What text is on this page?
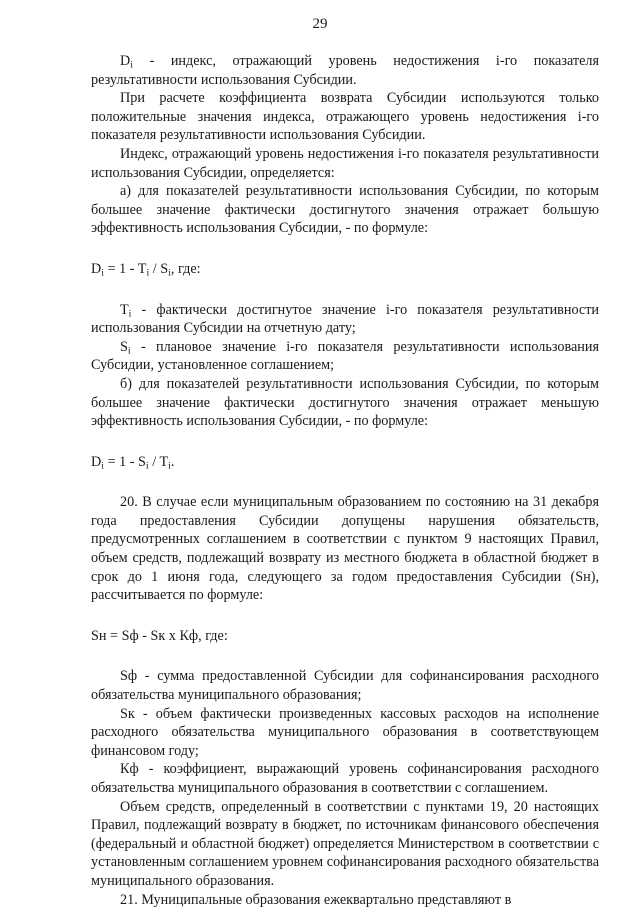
29

$D_i$ - индекс, отражающий уровень недостижения i-го показателя результативности использования Субсидии.

При расчете коэффициента возврата Субсидии используются только положительные значения индекса, отражающего уровень недостижения i-го показателя результативности использования Субсидии.

Индекс, отражающий уровень недостижения i-го показателя результативности использования Субсидии, определяется:

а) для показателей результативности использования Субсидии, по которым большее значение фактически достигнутого значения отражает большую эффективность использования Субсидии, - по формуле:

$D_i = 1 - T_i / S_i$, где:

$T_i$ - фактически достигнутое значение i-го показателя результативности использования Субсидии на отчетную дату;

$S_i$ - плановое значение i-го показателя результативности использования Субсидии, установленное соглашением;

б) для показателей результативности использования Субсидии, по которым большее значение фактически достигнутого значения отражает меньшую эффективность использования Субсидии, - по формуле:

$D_i = 1 - S_i / T_i$.

20. В случае если муниципальным образованием по состоянию на 31 декабря года предоставления Субсидии допущены нарушения обязательств, предусмотренных соглашением в соответствии с пунктом 9 настоящих Правил, объем средств, подлежащий возврату из местного бюджета в областной бюджет в срок до 1 июня года, следующего за годом предоставления Субсидии (Sн), рассчитывается по формуле:

Sн = Sф - Sк х Кф, где:

Sф - сумма предоставленной Субсидии для софинансирования расходного обязательства муниципального образования;

Sк - объем фактически произведенных кассовых расходов на исполнение расходного обязательства муниципального образования в соответствующем финансовом году;

Кф - коэффициент, выражающий уровень софинансирования расходного обязательства муниципального образования в соответствии с соглашением.

Объем средств, определенный в соответствии с пунктами 19, 20 настоящих Правил, подлежащий возврату в бюджет, по источникам финансового обеспечения (федеральный и областной бюджет) определяется Министерством в соответствии с установленным соглашением уровнем софинансирования расходного обязательства муниципального образования.

21. Муниципальные образования ежеквартально представляют в
